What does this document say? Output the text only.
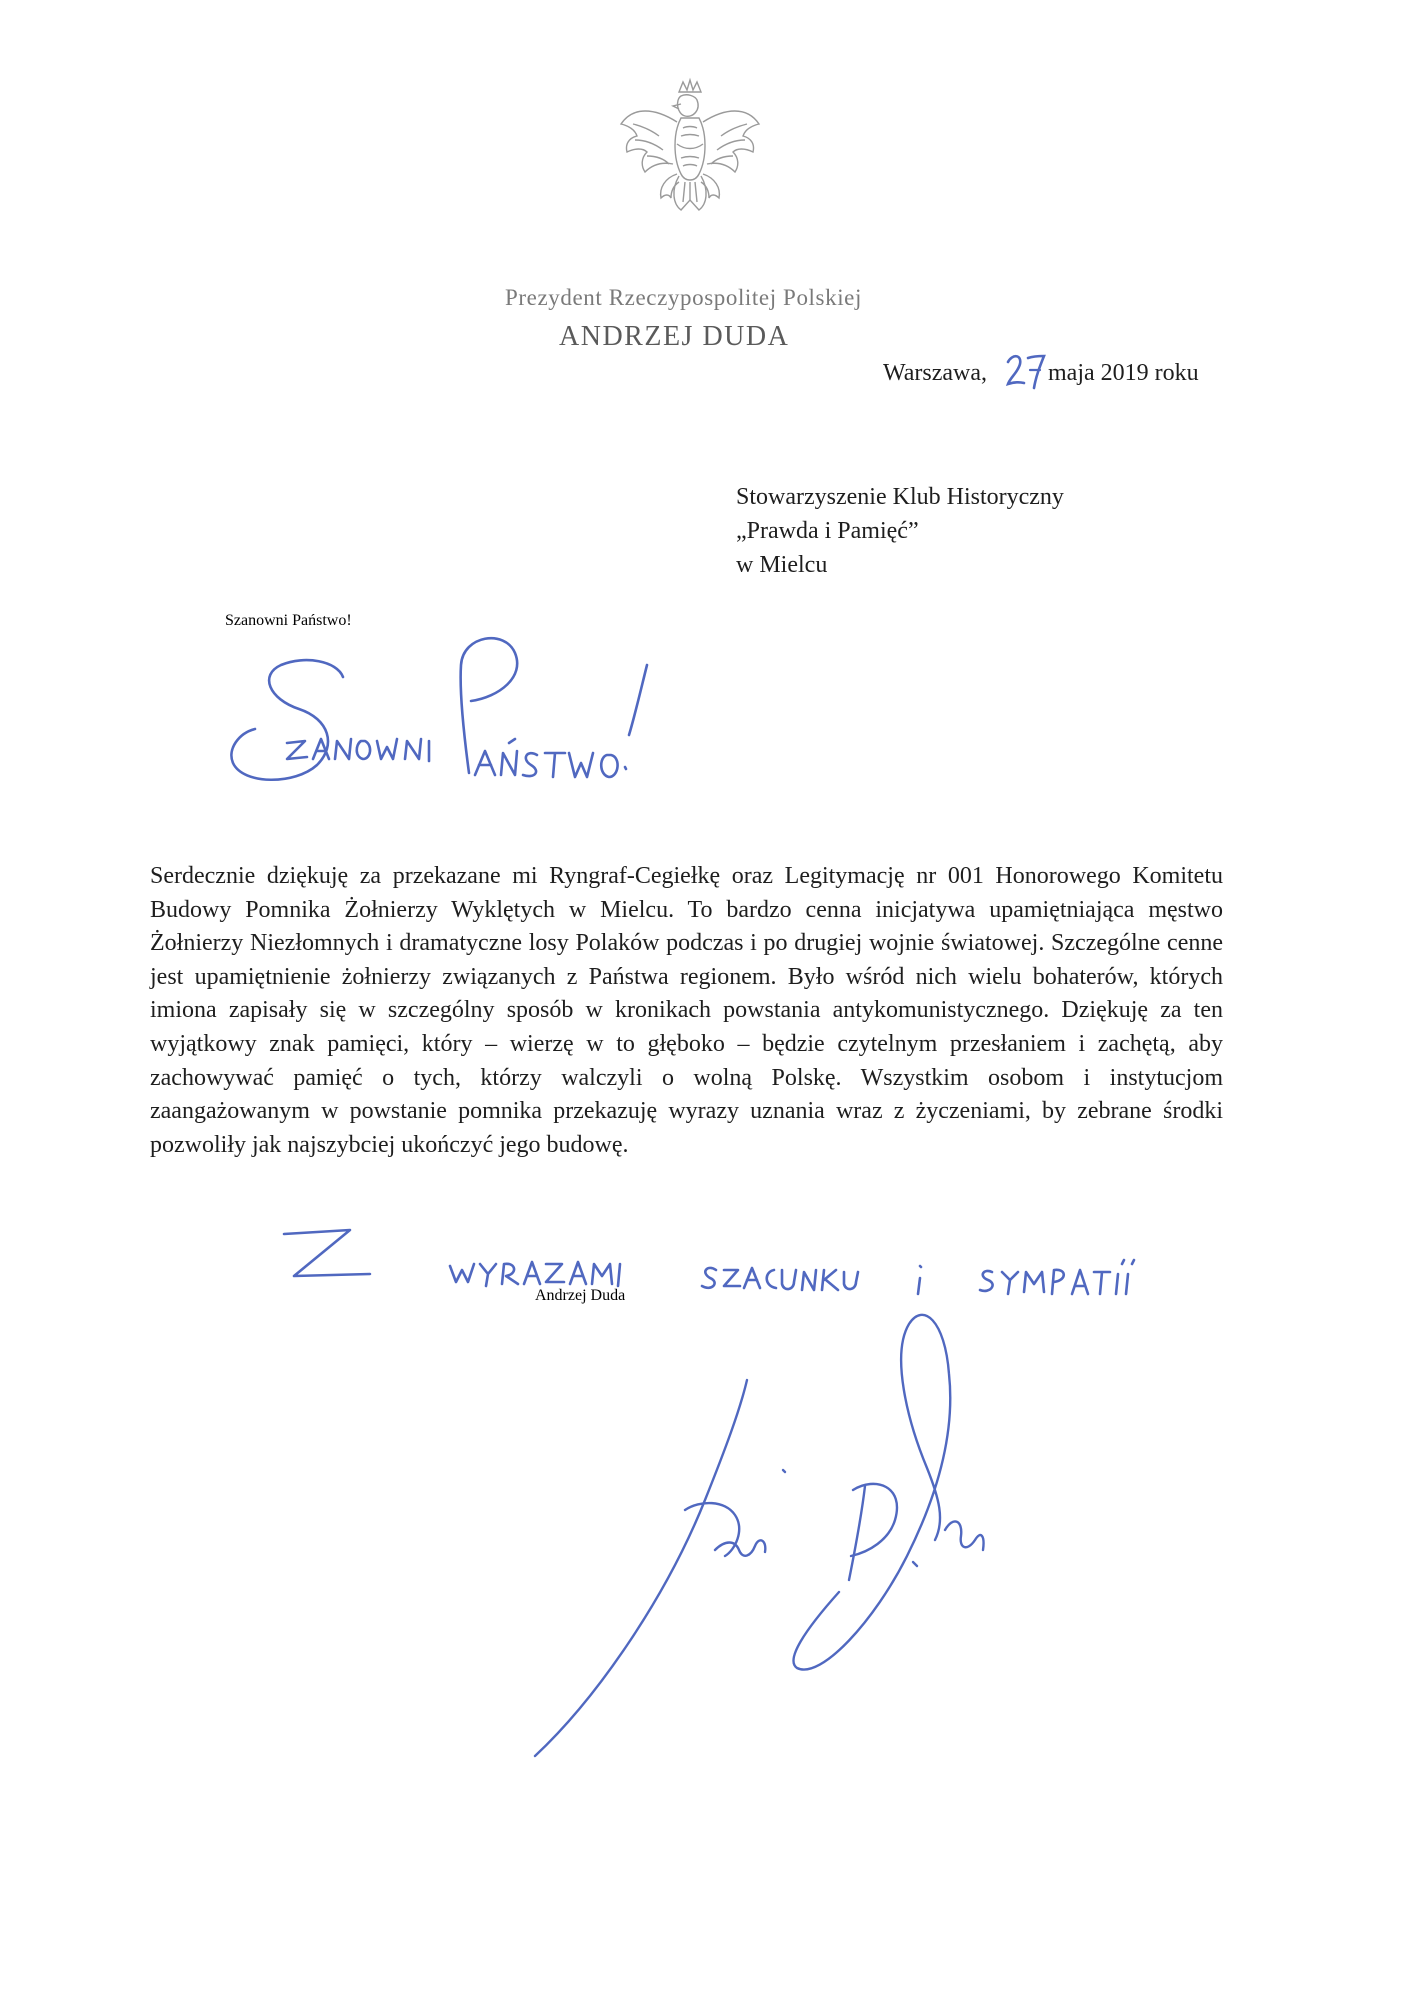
Prezydent Rzeczypospolitej Polskiej
ANDRZEJ DUDA
Warszawa,	maja 2019 roku
Stowarzyszenie Klub Historyczny
„Prawda i Pamięć”
w Mielcu
Szanowni Państwo!
Serdecznie dziękuję za przekazane mi Ryngraf-Cegiełkę oraz Legitymację nr 001 Honorowego Komitetu Budowy Pomnika Żołnierzy Wyklętych w Mielcu. To bardzo cenna inicjatywa upamiętniająca męstwo Żołnierzy Niezłomnych i dramatyczne losy Polaków podczas i po drugiej wojnie światowej. Szczególne cenne jest upamiętnienie żołnierzy związanych z Państwa regionem. Było wśród nich wielu bohaterów, których imiona zapisały się w szczególny sposób w kronikach powstania antykomunistycznego. Dziękuję za ten wyjątkowy znak pamięci, który – wierzę w to głęboko – będzie czytelnym przesłaniem i zachętą, aby zachowywać pamięć o tych, którzy walczyli o wolną Polskę. Wszystkim osobom i instytucjom zaangażowanym w powstanie pomnika przekazuję wyrazy uznania wraz z życzeniami, by zebrane środki pozwoliły jak najszybciej ukończyć jego budowę.
Andrzej Duda
